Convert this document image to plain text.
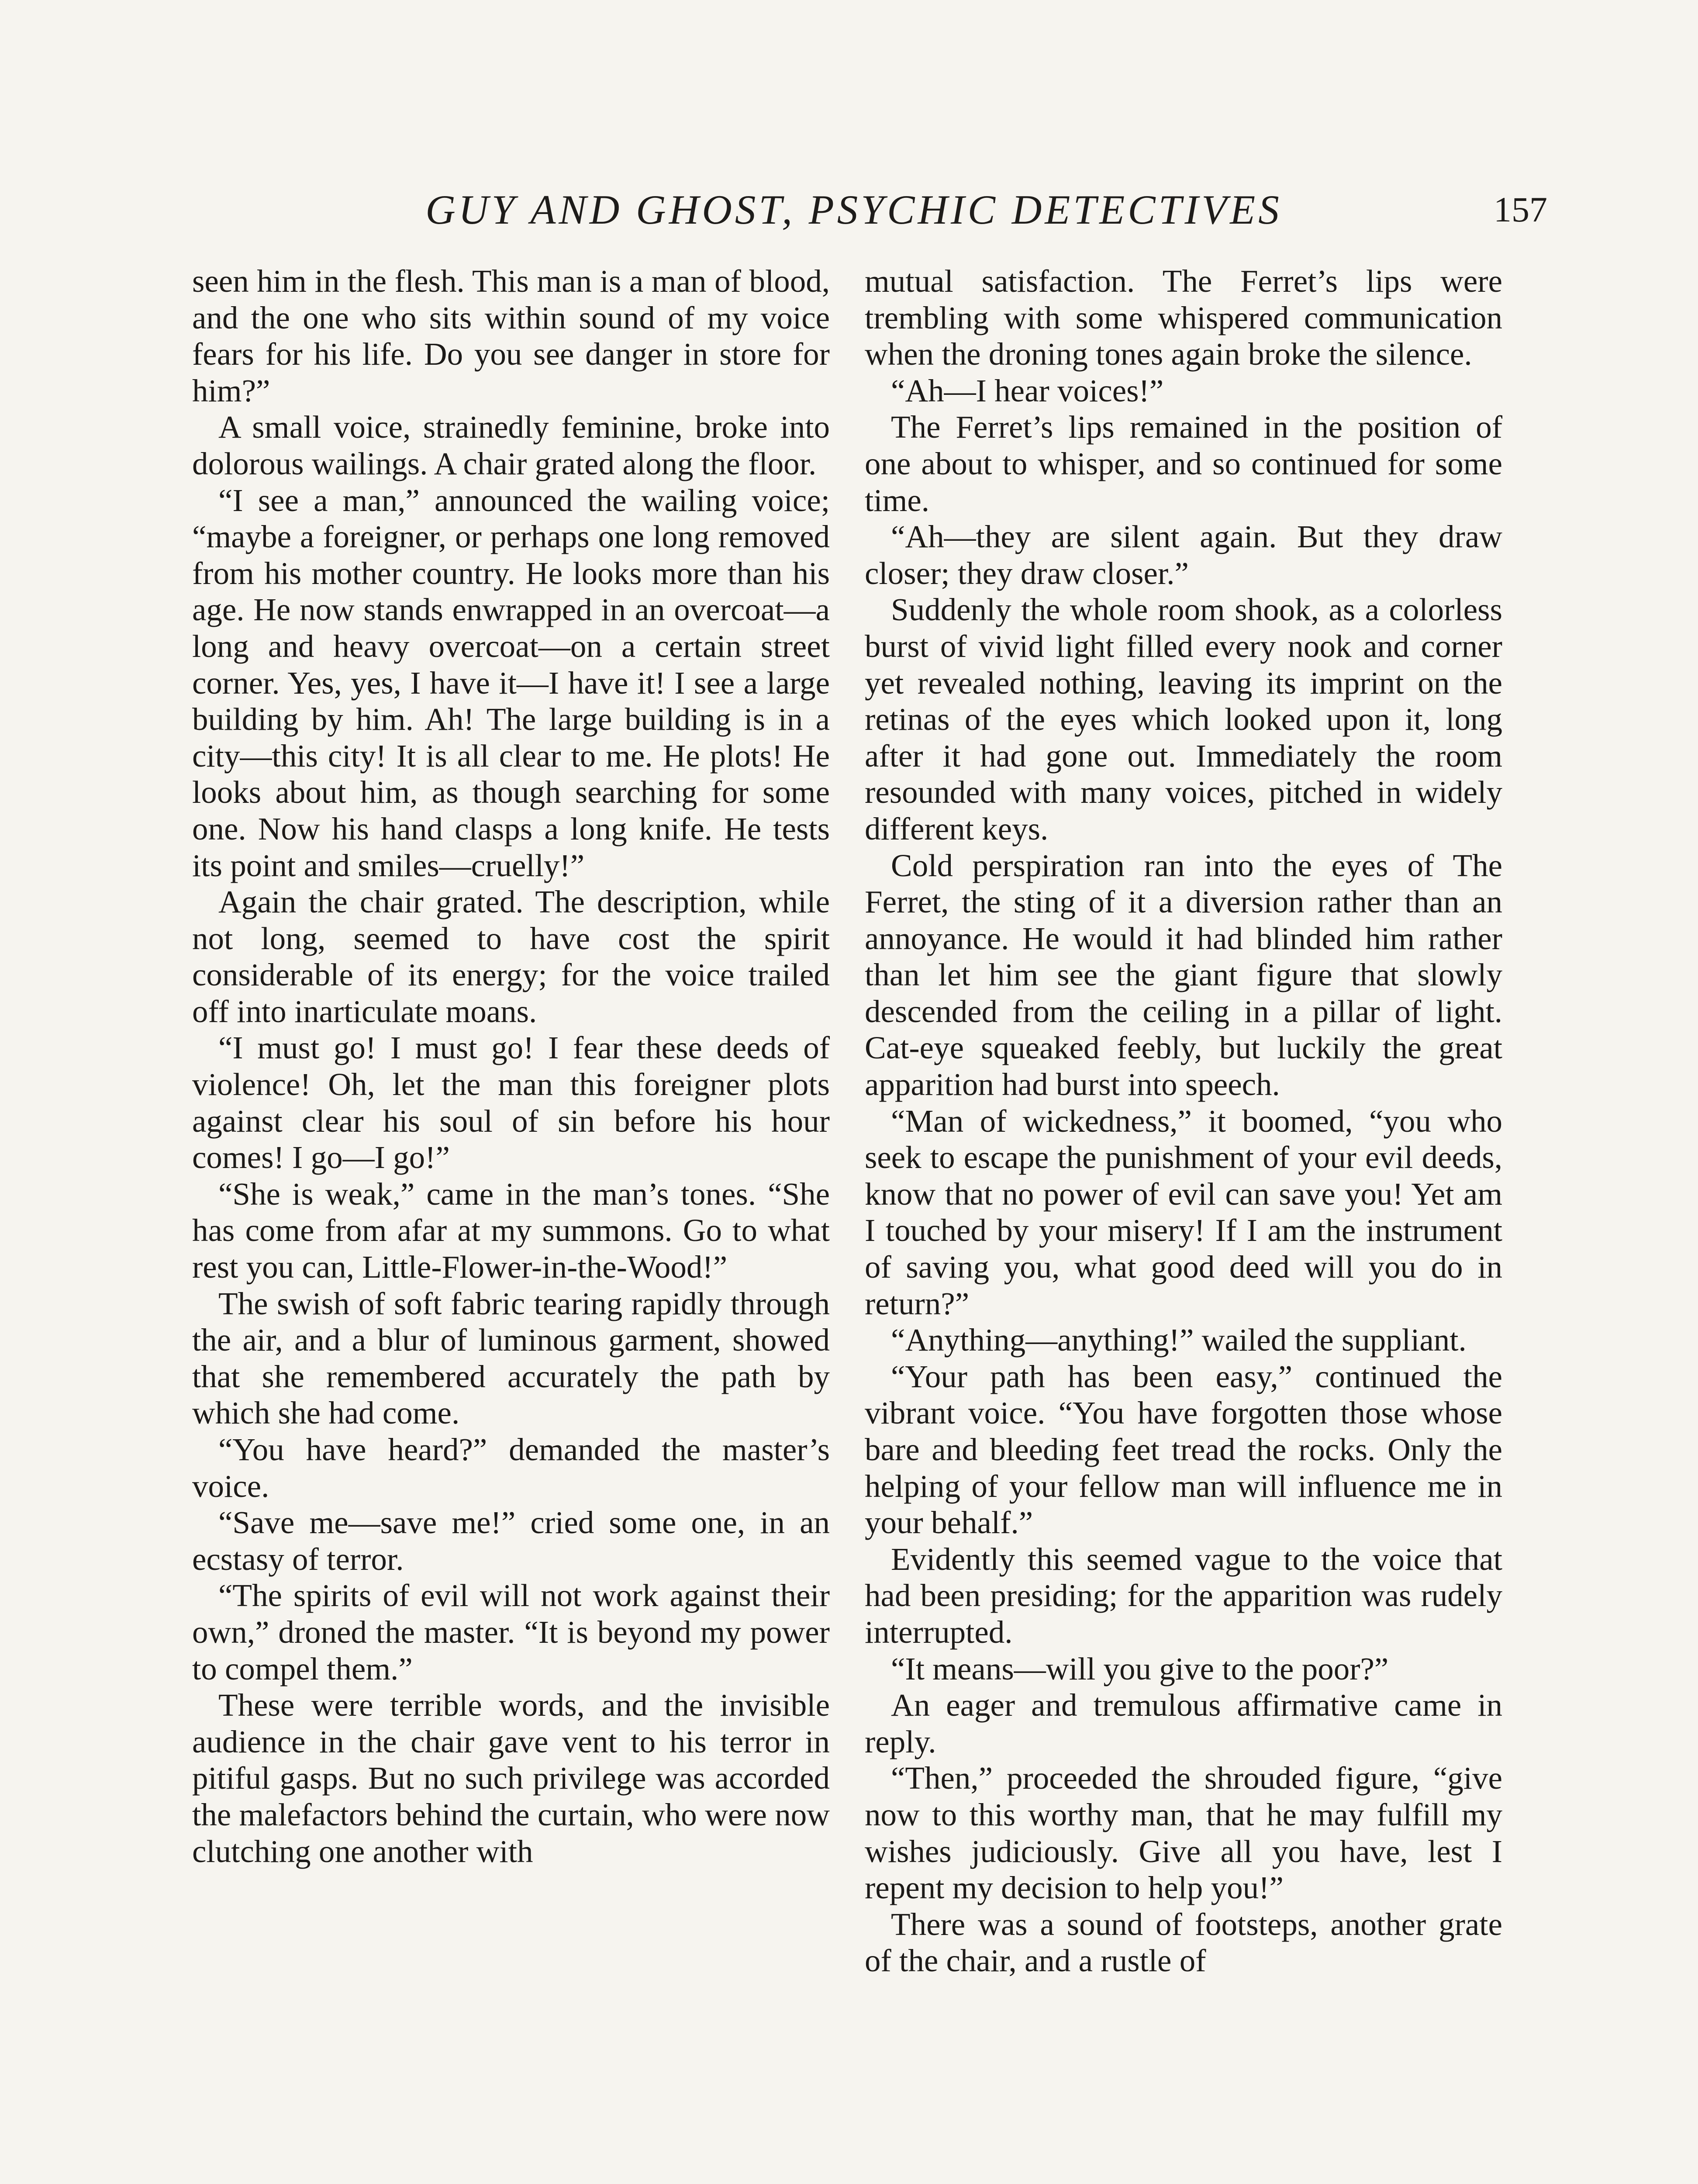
GUY AND GHOST, PSYCHIC DETECTIVES	157

seen him in the flesh. This man is a man of blood, and the one who sits within sound of my voice fears for his life. Do you see danger in store for him?”

A small voice, strainedly feminine, broke into dolorous wailings. A chair grated along the floor.

“I see a man,” announced the wailing voice; “maybe a foreigner, or perhaps one long removed from his mother country. He looks more than his age. He now stands enwrapped in an overcoat—a long and heavy overcoat—on a certain street corner. Yes, yes, I have it—I have it! I see a large building by him. Ah! The large building is in a city—this city! It is all clear to me. He plots! He looks about him, as though searching for some one. Now his hand clasps a long knife. He tests its point and smiles—cruelly!”

Again the chair grated. The description, while not long, seemed to have cost the spirit considerable of its energy; for the voice trailed off into inarticulate moans.

“I must go! I must go! I fear these deeds of violence! Oh, let the man this foreigner plots against clear his soul of sin before his hour comes! I go—I go!”

“She is weak,” came in the man’s tones. “She has come from afar at my summons. Go to what rest you can, Little-Flower-in-the-Wood!”

The swish of soft fabric tearing rapidly through the air, and a blur of luminous garment, showed that she remembered accurately the path by which she had come.

“You have heard?” demanded the master’s voice.

“Save me—save me!” cried some one, in an ecstasy of terror.

“The spirits of evil will not work against their own,” droned the master. “It is beyond my power to compel them.”

These were terrible words, and the invisible audience in the chair gave vent to his terror in pitiful gasps. But no such privilege was accorded the malefactors behind the curtain, who were now clutching one another with

mutual satisfaction. The Ferret’s lips were trembling with some whispered communication when the droning tones again broke the silence.

“Ah—I hear voices!”

The Ferret’s lips remained in the position of one about to whisper, and so continued for some time.

“Ah—they are silent again. But they draw closer; they draw closer.”

Suddenly the whole room shook, as a colorless burst of vivid light filled every nook and corner yet revealed nothing, leaving its imprint on the retinas of the eyes which looked upon it, long after it had gone out. Immediately the room resounded with many voices, pitched in widely different keys.

Cold perspiration ran into the eyes of The Ferret, the sting of it a diversion rather than an annoyance. He would it had blinded him rather than let him see the giant figure that slowly descended from the ceiling in a pillar of light. Cat-eye squeaked feebly, but luckily the great apparition had burst into speech.

“Man of wickedness,” it boomed, “you who seek to escape the punishment of your evil deeds, know that no power of evil can save you! Yet am I touched by your misery! If I am the instrument of saving you, what good deed will you do in return?”

“Anything—anything!” wailed the suppliant.

“Your path has been easy,” continued the vibrant voice. “You have forgotten those whose bare and bleeding feet tread the rocks. Only the helping of your fellow man will influence me in your behalf.”

Evidently this seemed vague to the voice that had been presiding; for the apparition was rudely interrupted.

“It means—will you give to the poor?”

An eager and tremulous affirmative came in reply.

“Then,” proceeded the shrouded figure, “give now to this worthy man, that he may fulfill my wishes judiciously. Give all you have, lest I repent my decision to help you!”

There was a sound of footsteps, another grate of the chair, and a rustle of
